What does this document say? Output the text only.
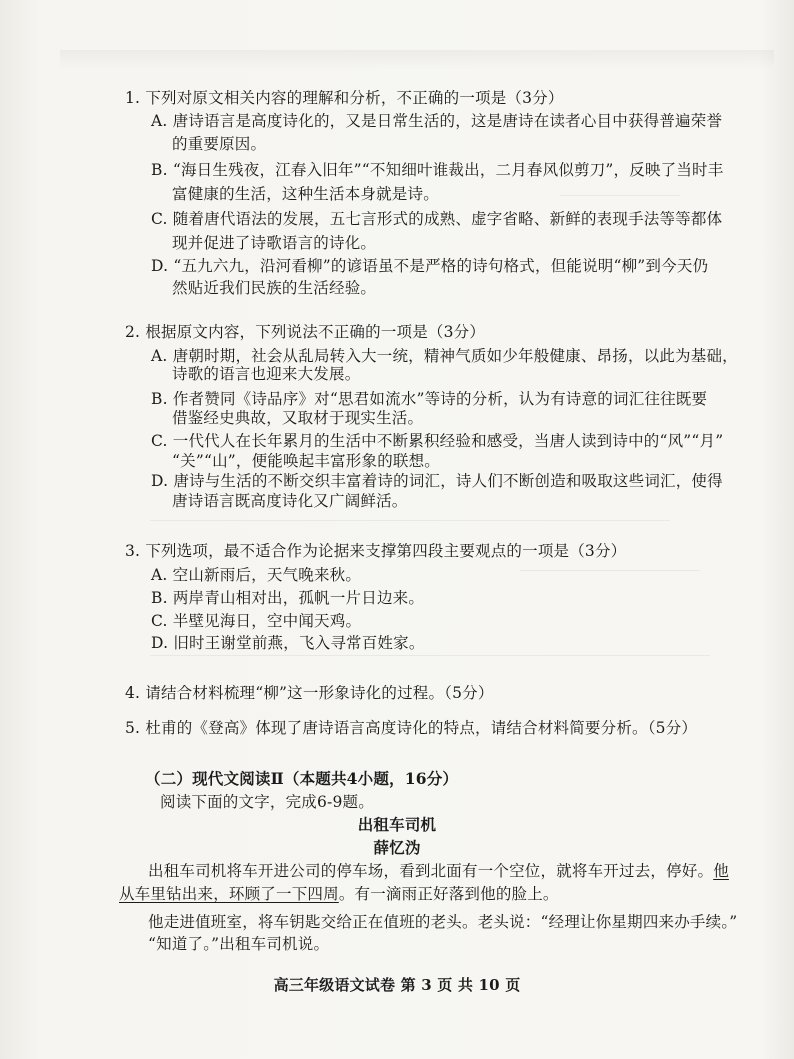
1. 下列对原文相关内容的理解和分析，不正确的一项是（3分）
A. 唐诗语言是高度诗化的，又是日常生活的，这是唐诗在读者心目中获得普遍荣誉
的重要原因。
B. “海日生残夜，江春入旧年”“不知细叶谁裁出，二月春风似剪刀”，反映了当时丰
富健康的生活，这种生活本身就是诗。
C. 随着唐代语法的发展，五七言形式的成熟、虚字省略、新鲜的表现手法等等都体
现并促进了诗歌语言的诗化。
D. “五九六九，沿河看柳”的谚语虽不是严格的诗句格式，但能说明“柳”到今天仍
然贴近我们民族的生活经验。
2. 根据原文内容，下列说法不正确的一项是（3分）
A. 唐朝时期，社会从乱局转入大一统，精神气质如少年般健康、昂扬，以此为基础，
诗歌的语言也迎来大发展。
B. 作者赞同《诗品序》对“思君如流水”等诗的分析，认为有诗意的词汇往往既要
借鉴经史典故，又取材于现实生活。
C. 一代代人在长年累月的生活中不断累积经验和感受，当唐人读到诗中的“风”“月”
“关”“山”，便能唤起丰富形象的联想。
D. 唐诗与生活的不断交织丰富着诗的词汇，诗人们不断创造和吸取这些词汇，使得
唐诗语言既高度诗化又广阔鲜活。
3. 下列选项，最不适合作为论据来支撑第四段主要观点的一项是（3分）
A. 空山新雨后，天气晚来秋。
B. 两岸青山相对出，孤帆一片日边来。
C. 半壁见海日，空中闻天鸡。
D. 旧时王谢堂前燕，飞入寻常百姓家。
4. 请结合材料梳理“柳”这一形象诗化的过程。（5分）
5. 杜甫的《登高》体现了唐诗语言高度诗化的特点，请结合材料简要分析。（5分）
（二）现代文阅读Ⅱ（本题共4小题，16分）
阅读下面的文字，完成6-9题。
出租车司机
薛忆沩
出租车司机将车开进公司的停车场，看到北面有一个空位，就将车开过去，停好。他
从车里钻出来，环顾了一下四周。有一滴雨正好落到他的脸上。
他走进值班室，将车钥匙交给正在值班的老头。老头说：“经理让你星期四来办手续。”
“知道了。”出租车司机说。
高三年级语文试卷 第 3 页 共 10 页
